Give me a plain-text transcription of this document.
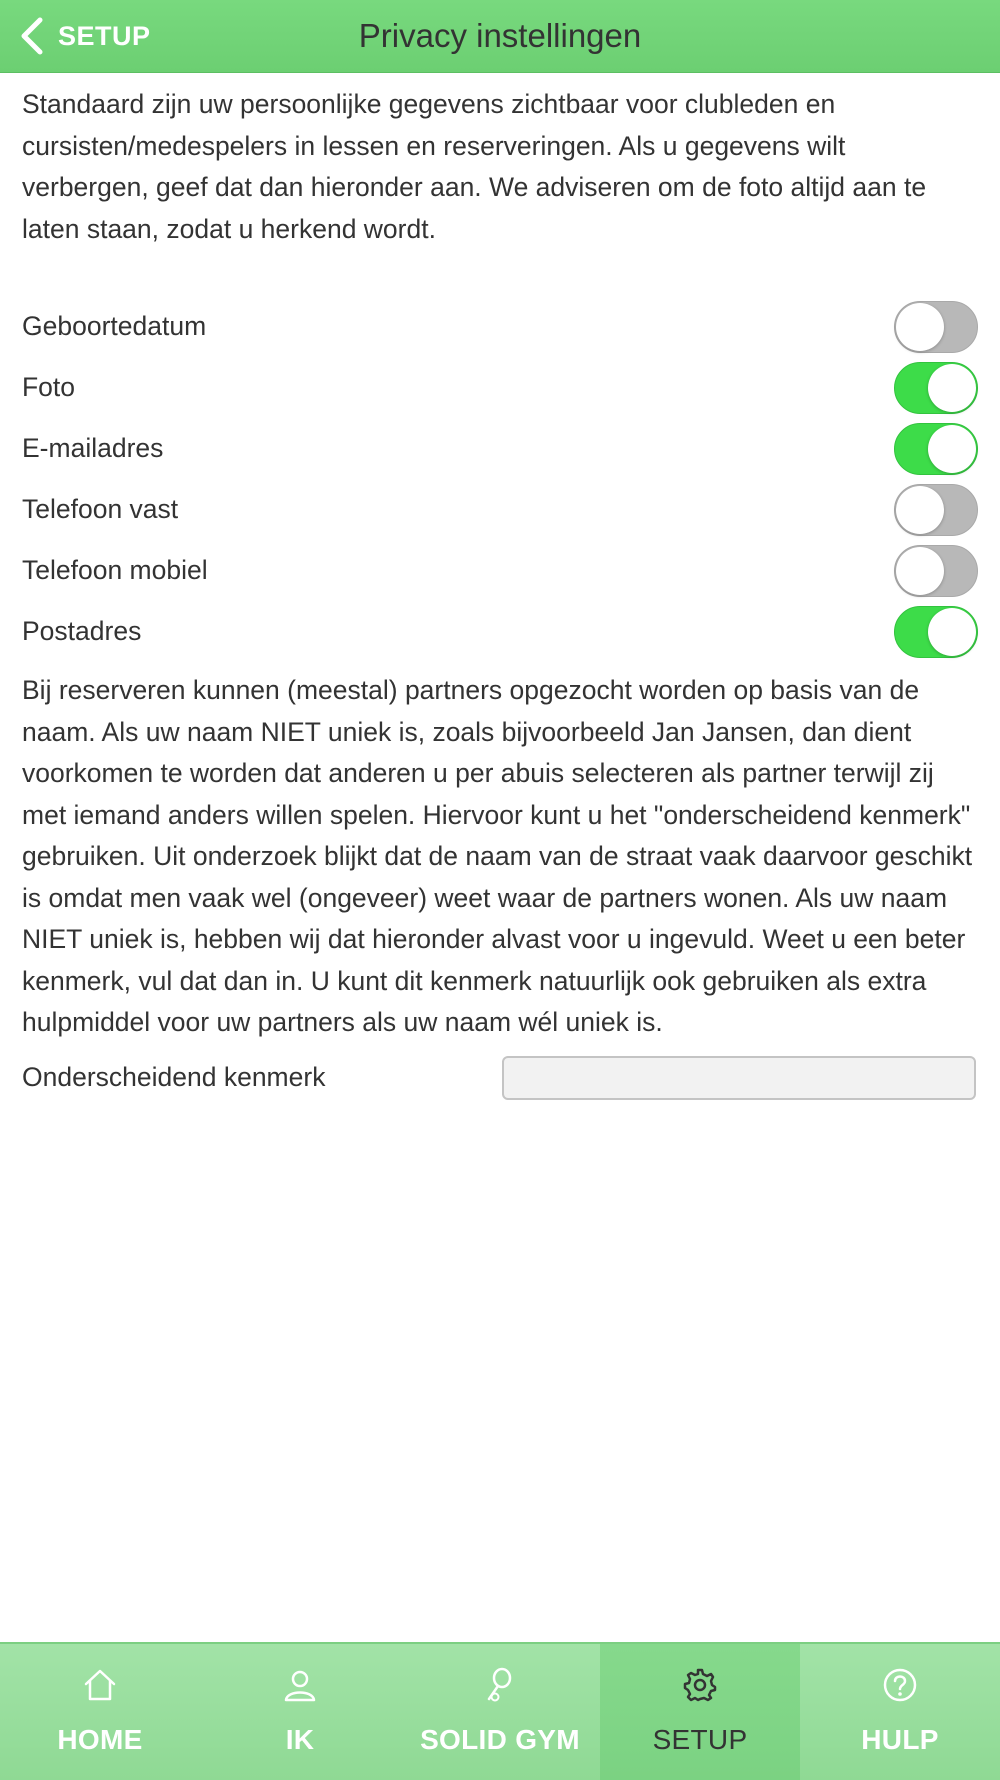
SETUP	Privacy instellingen

Standaard zijn uw persoonlijke gegevens zichtbaar voor clubleden en cursisten/medespelers in lessen en reserveringen. Als u gegevens wilt verbergen, geef dat dan hieronder aan. We adviseren om de foto altijd aan te laten staan, zodat u herkend wordt.

Geboortedatum
Foto
E-mailadres
Telefoon vast
Telefoon mobiel
Postadres

Bij reserveren kunnen (meestal) partners opgezocht worden op basis van de naam. Als uw naam NIET uniek is, zoals bijvoorbeeld Jan Jansen, dan dient voorkomen te worden dat anderen u per abuis selecteren als partner terwijl zij met iemand anders willen spelen. Hiervoor kunt u het "onderscheidend kenmerk" gebruiken. Uit onderzoek blijkt dat de naam van de straat vaak daarvoor geschikt is omdat men vaak wel (ongeveer) weet waar de partners wonen. Als uw naam NIET uniek is, hebben wij dat hieronder alvast voor u ingevuld. Weet u een beter kenmerk, vul dat dan in. U kunt dit kenmerk natuurlijk ook gebruiken als extra hulpmiddel voor uw partners als uw naam wél uniek is.

Onderscheidend kenmerk
HOME	IK	SOLID GYM	SETUP	HULP
